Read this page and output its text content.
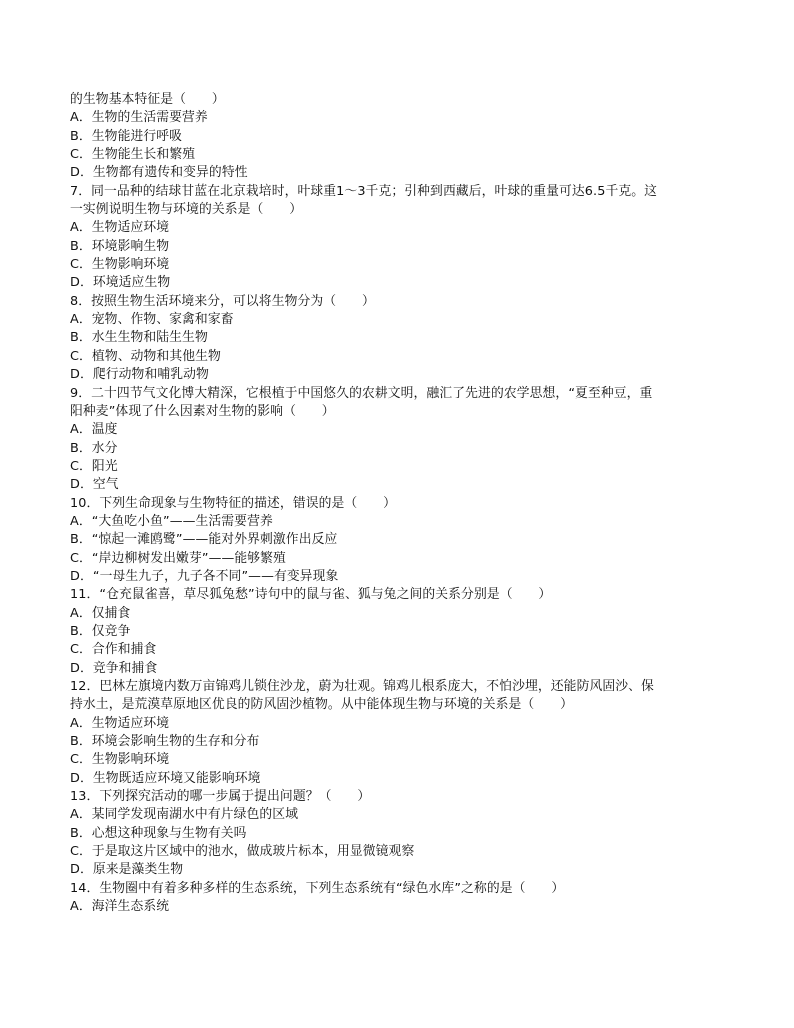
的生物基本特征是（　　）
A．生物的生活需要营养
B．生物能进行呼吸
C．生物能生长和繁殖
D．生物都有遗传和变异的特性
7．同一品种的结球甘蓝在北京栽培时，叶球重1～3千克；引种到西藏后，叶球的重量可达6.5千克。这
一实例说明生物与环境的关系是（　　）
A．生物适应环境
B．环境影响生物
C．生物影响环境
D．环境适应生物
8．按照生物生活环境来分，可以将生物分为（　　）
A．宠物、作物、家禽和家畜
B．水生生物和陆生生物
C．植物、动物和其他生物
D．爬行动物和哺乳动物
9．二十四节气文化博大精深，它根植于中国悠久的农耕文明，融汇了先进的农学思想，“夏至种豆，重
阳种麦”体现了什么因素对生物的影响（　　）
A．温度
B．水分
C．阳光
D．空气
10．下列生命现象与生物特征的描述，错误的是（　　）
A．“大鱼吃小鱼”——生活需要营养
B．“惊起一滩鸥鹭”——能对外界刺激作出反应
C．“岸边柳树发出嫩芽”——能够繁殖
D．“一母生九子，九子各不同”——有变异现象
11．“仓充鼠雀喜，草尽狐兔愁”诗句中的鼠与雀、狐与兔之间的关系分别是（　　）
A．仅捕食
B．仅竞争
C．合作和捕食
D．竞争和捕食
12．巴林左旗境内数万亩锦鸡儿锁住沙龙，蔚为壮观。锦鸡儿根系庞大，不怕沙埋，还能防风固沙、保
持水土，是荒漠草原地区优良的防风固沙植物。从中能体现生物与环境的关系是（　　）
A．生物适应环境
B．环境会影响生物的生存和分布
C．生物影响环境
D．生物既适应环境又能影响环境
13．下列探究活动的哪一步属于提出问题？（　　）
A．某同学发现南湖水中有片绿色的区域
B．心想这种现象与生物有关吗
C．于是取这片区域中的池水，做成玻片标本，用显微镜观察
D．原来是藻类生物
14．生物圈中有着多种多样的生态系统，下列生态系统有“绿色水库”之称的是（　　）
A．海洋生态系统
